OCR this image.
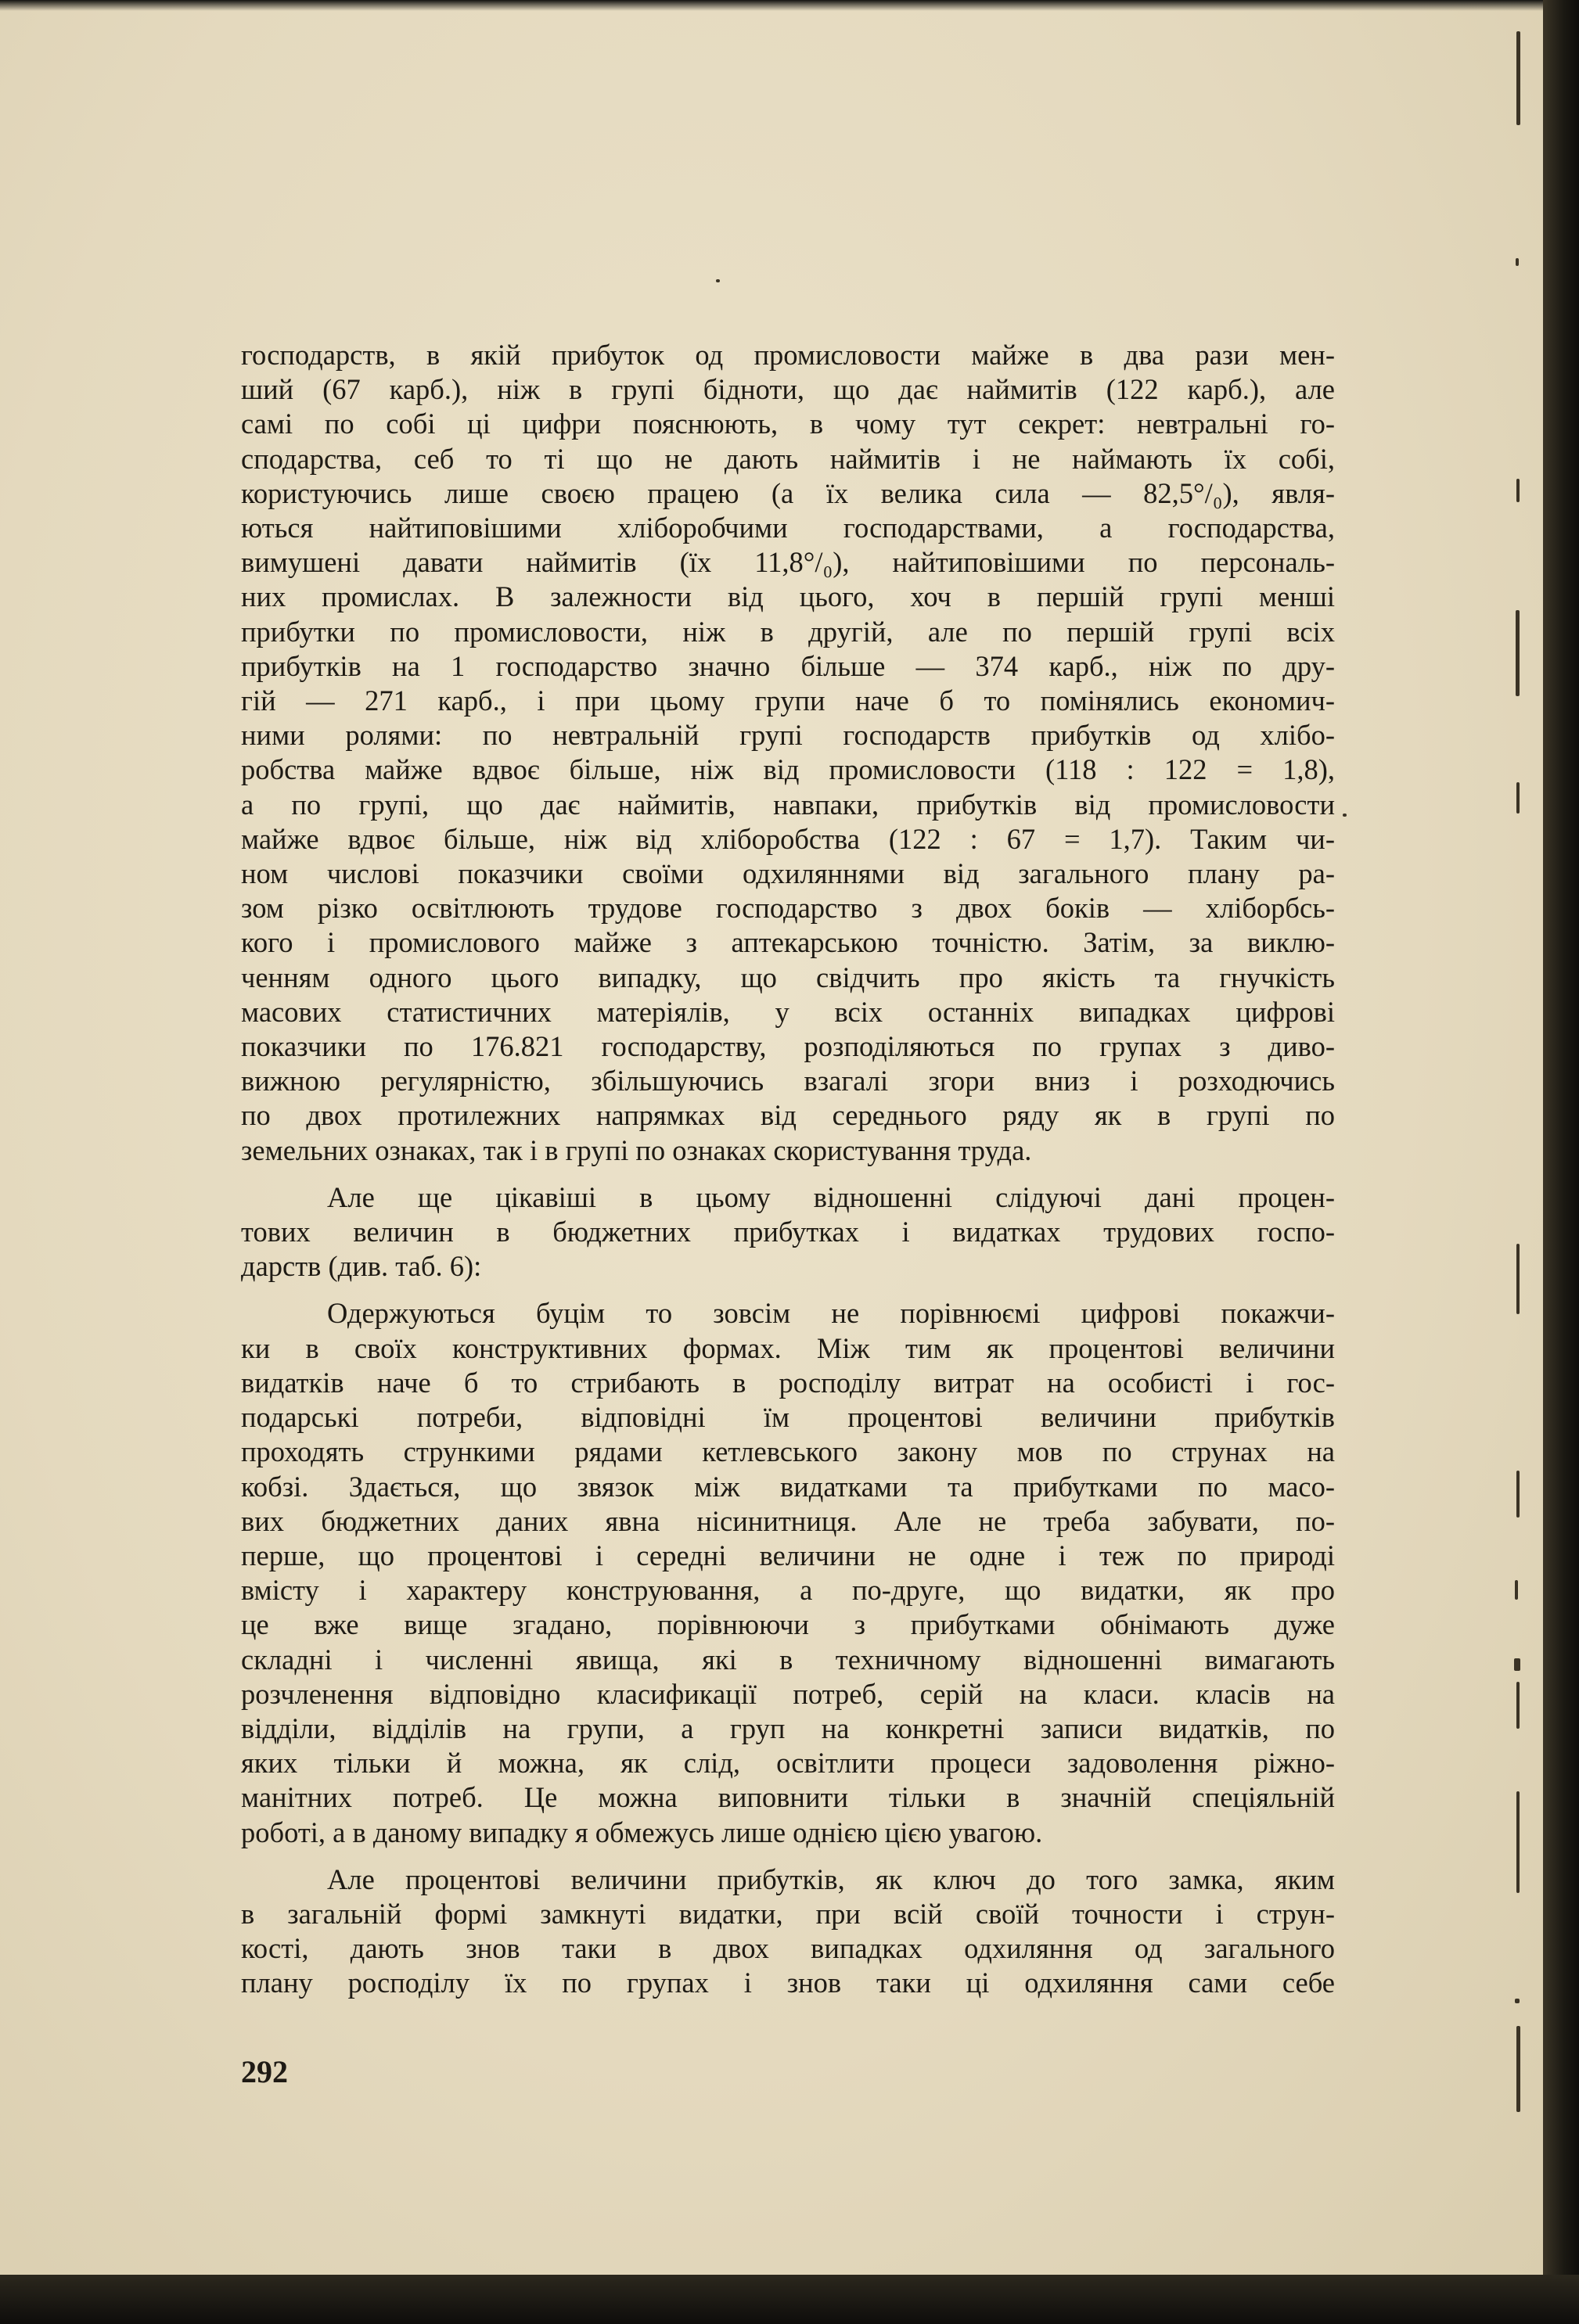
господарств, в якій прибуток од промисловости майже в два рази мен-
ший (67 карб.), ніж в групі бідноти, що дає наймитів (122 карб.), але
самі по собі ці цифри пояснюють, в чому тут секрет: невтральні го-
сподарства, себ то ті що не дають наймитів і не наймають їх собі,
користуючись лише своєю працею (а їх велика сила — 82,5°/₀), явля-
ються найтиповішими хліборобчими господарствами, а господарства,
вимушені давати наймитів (їх 11,8°/₀), найтиповішими по персональ-
них промислах. В залежности від цього, хоч в першій групі менші
прибутки по промисловости, ніж в другій, але по першій групі всіх
прибутків на 1 господарство значно більше — 374 карб., ніж по дру-
гій — 271 карб., і при цьому групи наче б то помінялись економич-
ними ролями: по невтральній групі господарств прибутків од хлібо-
робства майже вдвоє більше, ніж від промисловости (118 : 122 = 1,8),
а по групі, що дає наймитів, навпаки, прибутків від промисловости
майже вдвоє більше, ніж від хліборобства (122 : 67 = 1,7). Таким чи-
ном числові показчики своїми одхиляннями від загального плану ра-
зом різко освітлюють трудове господарство з двох боків — хліборбсь-
кого і промислового майже з аптекарською точністю. Затім, за виклю-
ченням одного цього випадку, що свідчить про якість та гнучкість
масових статистичних матеріялів, у всіх останніх випадках цифрові
показчики по 176.821 господарству, розподіляються по групах з диво-
вижною регулярністю, збільшуючись взагалі згори вниз і розходючись
по двох протилежних напрямках від середнього ряду як в групі по
земельних ознаках, так і в групі по ознаках скористування труда.
Але ще цікавіші в цьому відношенні слідуючі дані процен-
тових величин в бюджетних прибутках і видатках трудових госпо-
дарств (див. таб. 6):
Одержуються буцім то зовсім не порівнюємі цифрові покажчи-
ки в своїх конструктивних формах. Між тим як процентові величини
видатків наче б то стрибають в росподілу витрат на особисті і гос-
подарські потреби, відповідні їм процентові величини прибутків
проходять стрункими рядами кетлевського закону мов по струнах на
кобзі. Здається, що звязок між видатками та прибутками по масо-
вих бюджетних даних явна нісинитниця. Але не треба забувати, по-
перше, що процентові і середні величини не одне і теж по природі
вмісту і характеру конструювання, а по-друге, що видатки, як про
це вже вище згадано, порівнюючи з прибутками обнімають дуже
складні і численні явища, які в техничному відношенні вимагають
розчленення відповідно класификації потреб, серій на класи. класів на
відділи, відділів на групи, а груп на конкретні записи видатків, по
яких тільки й можна, як слід, освітлити процеси задоволення ріжно-
манітних потреб. Це можна виповнити тільки в значній спеціяльній
роботі, а в даному випадку я обмежусь лише однією цією увагою.
Але процентові величини прибутків, як ключ до того замка, яким
в загальній формі замкнуті видатки, при всій своїй точности і струн-
кості, дають знов таки в двох випадках одхиляння од загального
плану росподілу їх по групах і знов таки ці одхиляння сами себе
292
